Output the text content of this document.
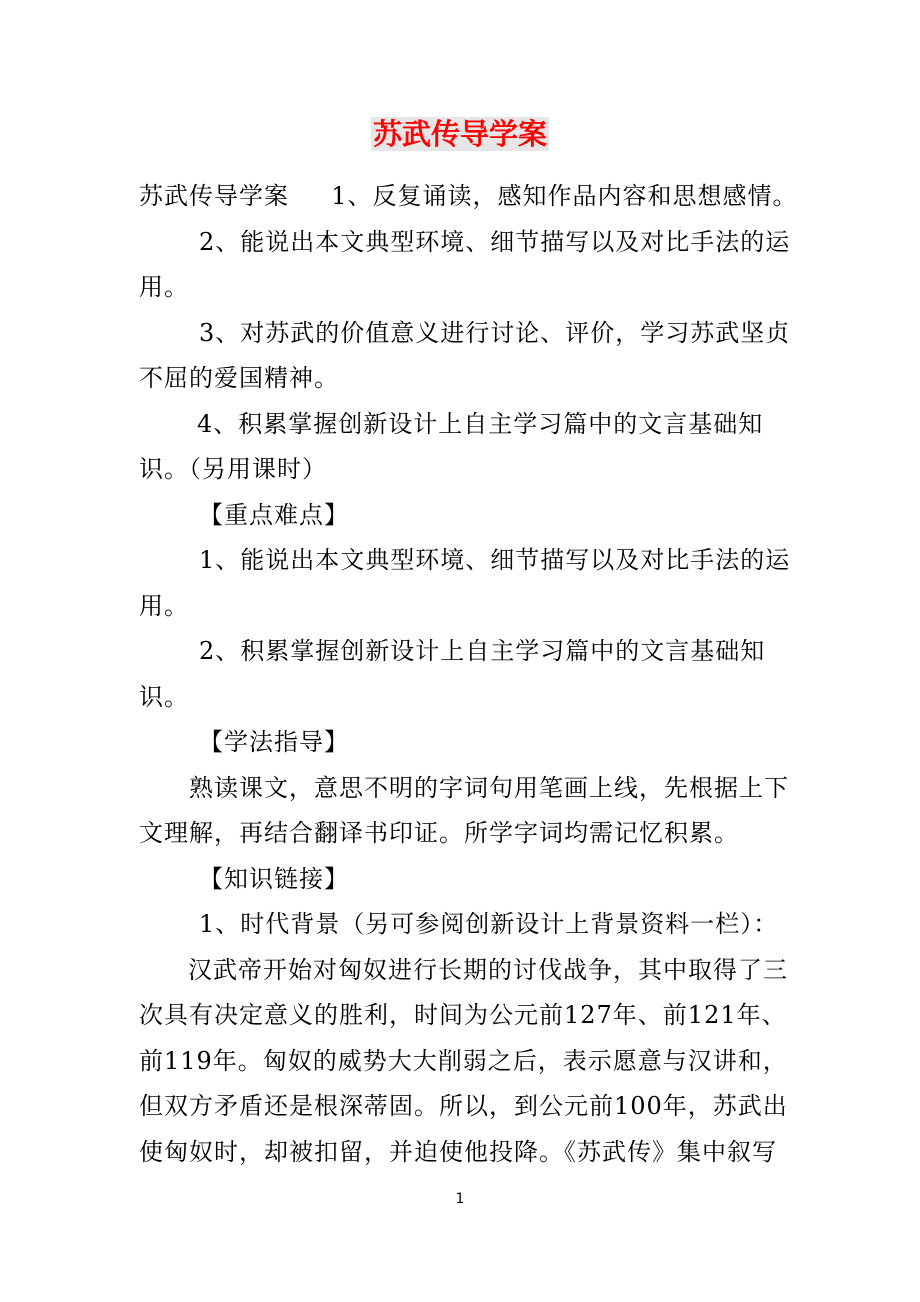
苏武传导学案

苏武传导学案　  1、反复诵读，感知作品内容和思想感情。

2、能说出本文典型环境、细节描写以及对比手法的运用。

3、对苏武的价值意义进行讨论、评价，学习苏武坚贞不屈的爱国精神。

4、积累掌握创新设计上自主学习篇中的文言基础知识。（另用课时）

【重点难点】

1、能说出本文典型环境、细节描写以及对比手法的运用。

2、积累掌握创新设计上自主学习篇中的文言基础知识。

【学法指导】

熟读课文，意思不明的字词句用笔画上线，先根据上下文理解，再结合翻译书印证。所学字词均需记忆积累。

【知识链接】

1、时代背景（另可参阅创新设计上背景资料一栏）：

汉武帝开始对匈奴进行长期的讨伐战争，其中取得了三次具有决定意义的胜利，时间为公元前127年、前121年、前119年。匈奴的威势大大削弱之后，表示愿意与汉讲和，但双方矛盾还是根深蒂固。所以，到公元前100年，苏武出使匈奴时，却被扣留，并迫使他投降。《苏武传》集中叙写

1
